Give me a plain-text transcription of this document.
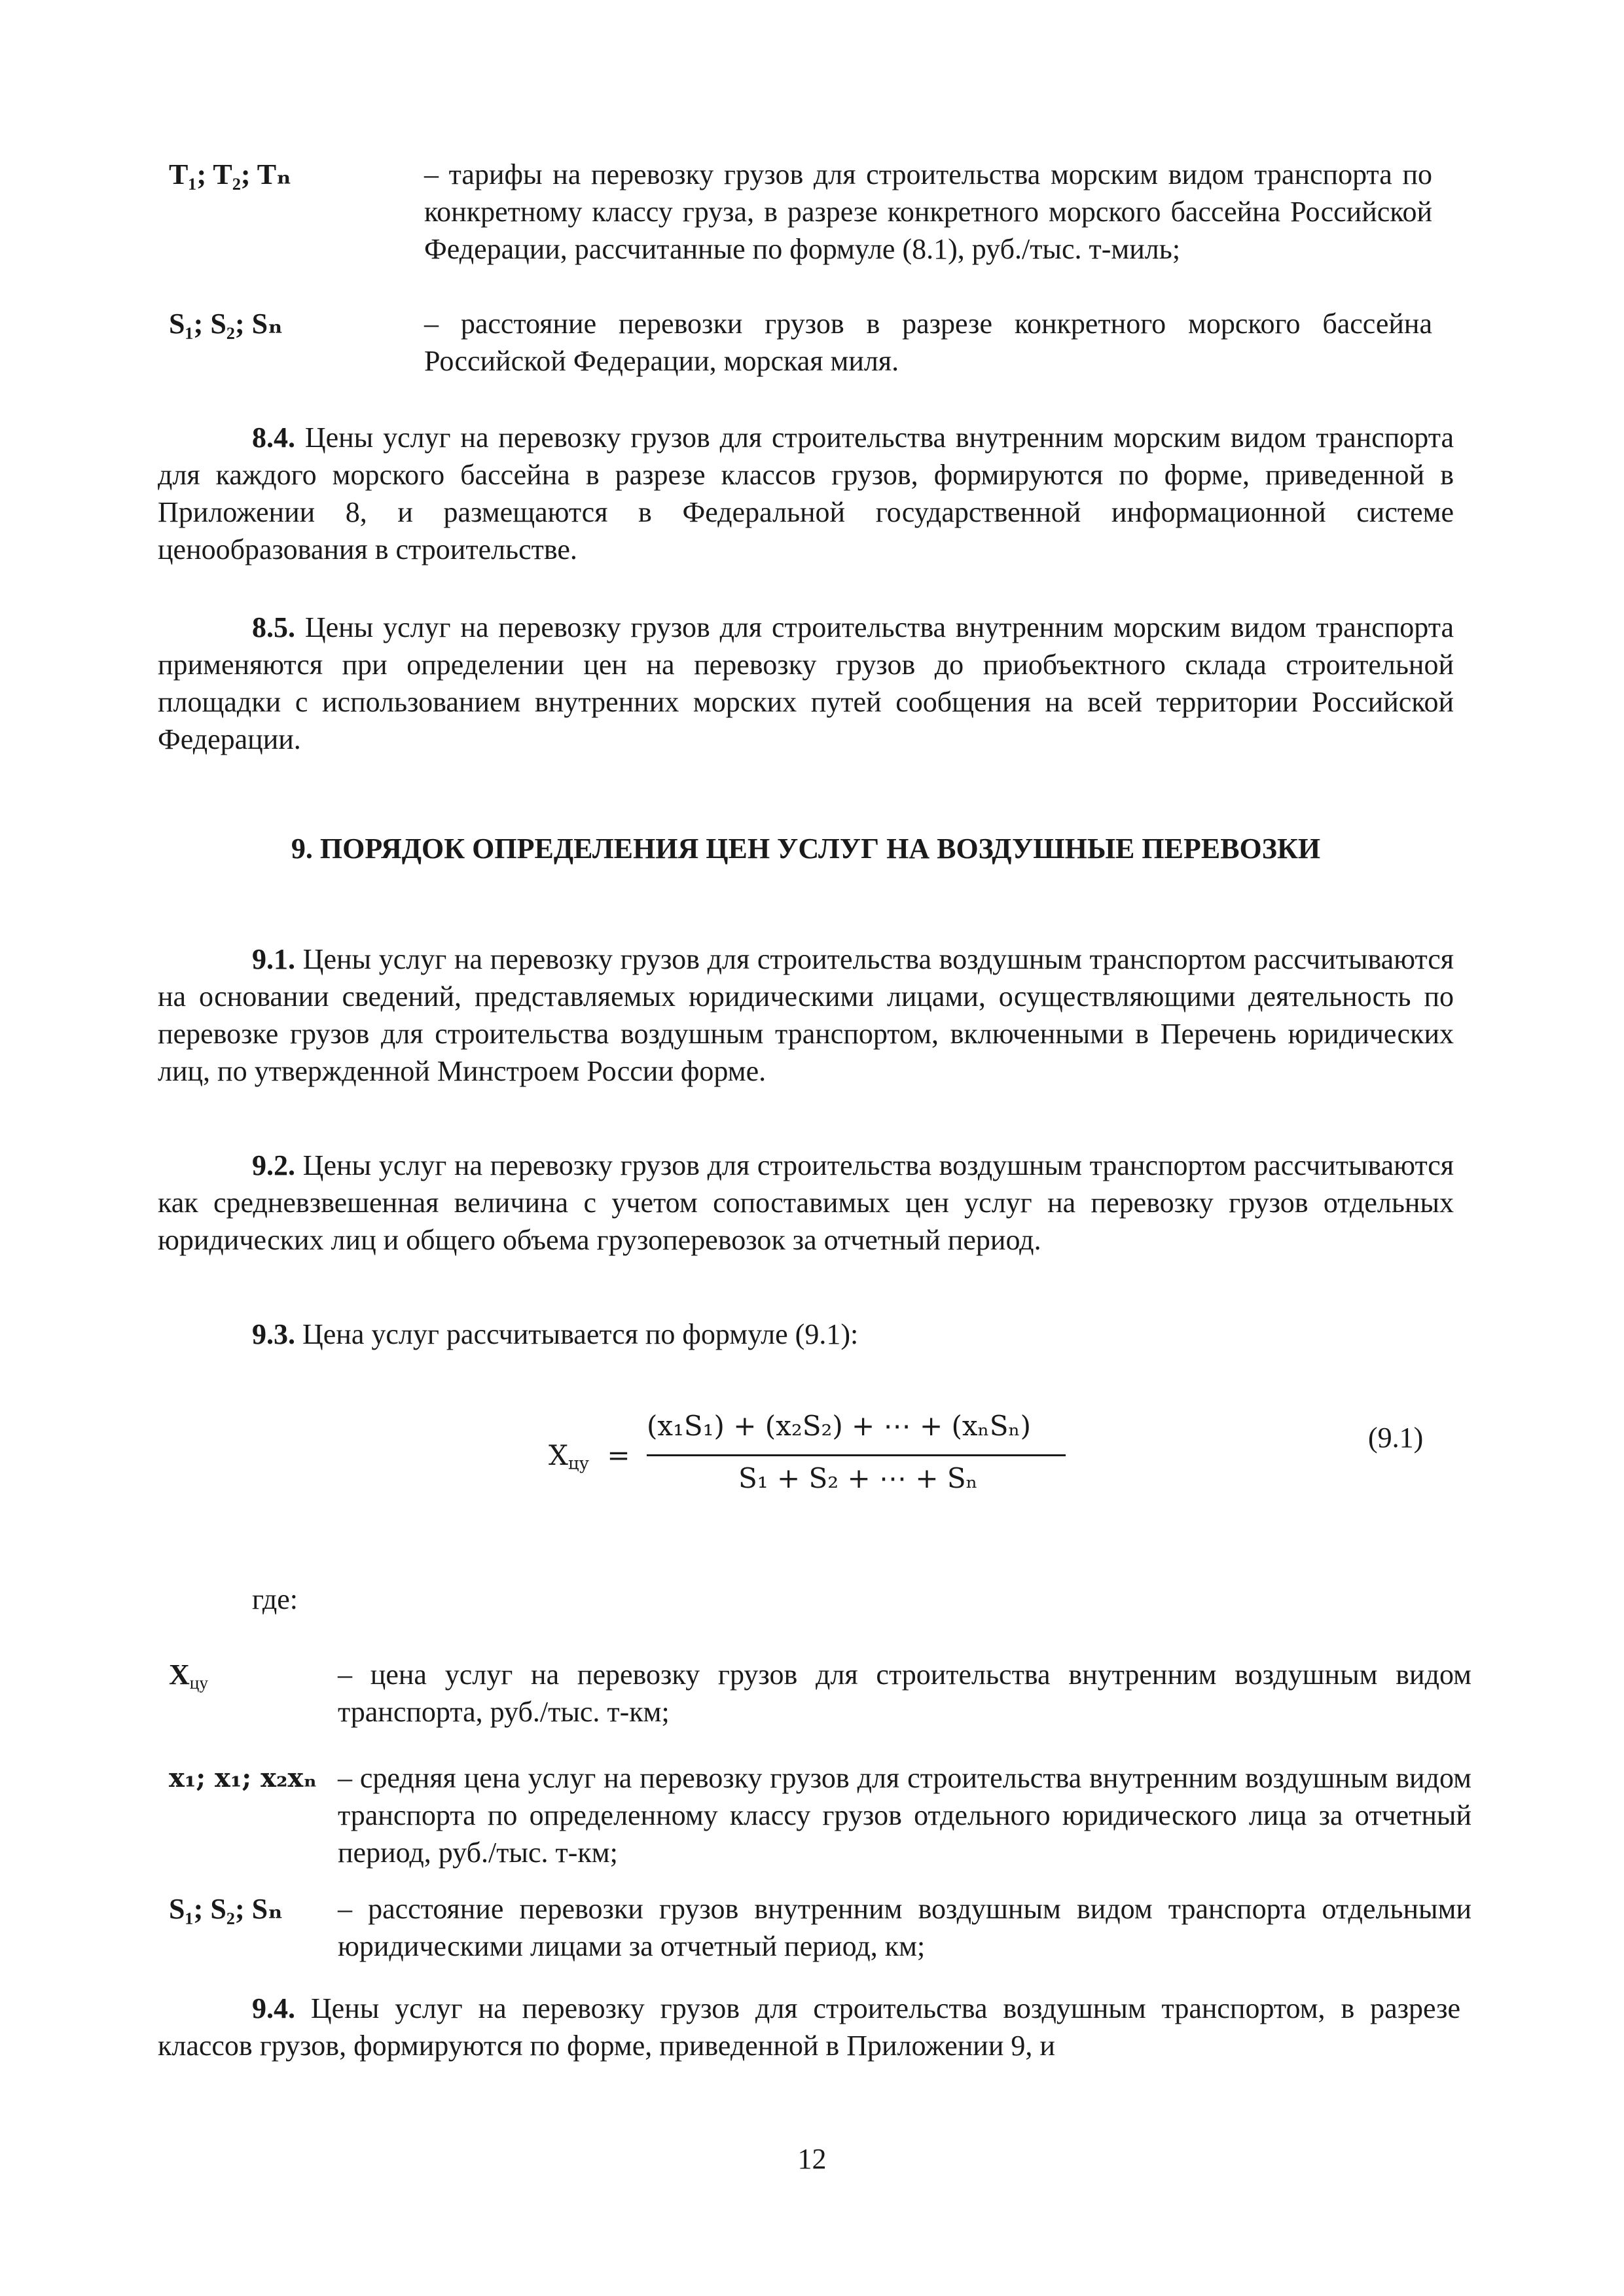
T₁; T₂; Tₙ	– тарифы на перевозку грузов для строительства морским видом транспорта по конкретному классу груза, в разрезе конкретного морского бассейна Российской Федерации, рассчитанные по формуле (8.1), руб./тыс. т-миль;
S₁; S₂; Sₙ	– расстояние перевозки грузов в разрезе конкретного морского бассейна Российской Федерации, морская миля.

8.4. Цены услуг на перевозку грузов для строительства внутренним морским видом транспорта для каждого морского бассейна в разрезе классов грузов, формируются по форме, приведенной в Приложении 8, и размещаются в Федеральной государственной информационной системе ценообразования в строительстве.

8.5. Цены услуг на перевозку грузов для строительства внутренним морским видом транспорта применяются при определении цен на перевозку грузов до приобъектного склада строительной площадки с использованием внутренних морских путей сообщения на всей территории Российской Федерации.

9. ПОРЯДОК ОПРЕДЕЛЕНИЯ ЦЕН УСЛУГ НА ВОЗДУШНЫЕ ПЕРЕВОЗКИ

9.1. Цены услуг на перевозку грузов для строительства воздушным транспортом рассчитываются на основании сведений, представляемых юридическими лицами, осуществляющими деятельность по перевозке грузов для строительства воздушным транспортом, включенными в Перечень юридических лиц, по утвержденной Минстроем России форме.

9.2. Цены услуг на перевозку грузов для строительства воздушным транспортом рассчитываются как средневзвешенная величина с учетом сопоставимых цен услуг на перевозку грузов отдельных юридических лиц и общего объема грузоперевозок за отчетный период.

9.3. Цена услуг рассчитывается по формуле (9.1):

$X_{цу}$ =
(x₁S₁) + (x₂S₂) + ⋯ + (xₙSₙ)
S₁ + S₂ + ⋯ + Sₙ
(9.1)
где:
$X_{цу}$	– цена услуг на перевозку грузов для строительства внутренним воздушным видом транспорта, руб./тыс. т-км;
x₁; x₁; x₂xₙ – средняя цена услуг на перевозку грузов для строительства внутренним воздушным видом транспорта по определенному классу грузов отдельного юридического лица за отчетный период, руб./тыс. т-км;
S₁; S₂; Sₙ – расстояние перевозки грузов внутренним воздушным видом транспорта отдельными юридическими лицами за отчетный период, км;

9.4. Цены услуг на перевозку грузов для строительства воздушным транспортом, в разрезе классов грузов, формируются по форме, приведенной в Приложении 9, и

12
